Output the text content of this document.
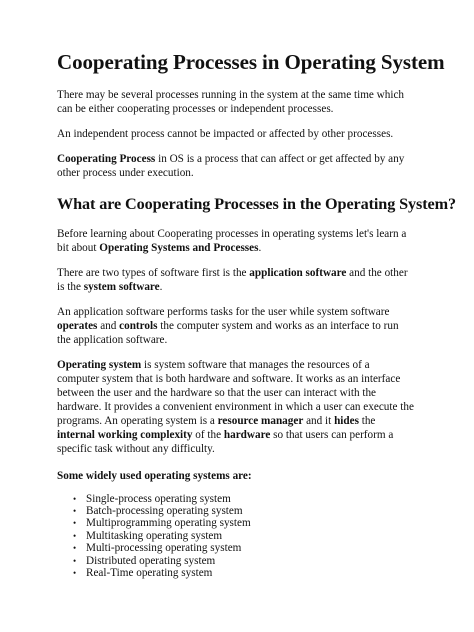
Cooperating Processes in Operating System

There may be several processes running in the system at the same time which can be either cooperating processes or independent processes.

An independent process cannot be impacted or affected by other processes.

Cooperating Process in OS is a process that can affect or get affected by any other process under execution.

What are Cooperating Processes in the Operating System?

Before learning about Cooperating processes in operating systems let's learn a bit about Operating Systems and Processes.

There are two types of software first is the application software and the other is the system software.

An application software performs tasks for the user while system software operates and controls the computer system and works as an interface to run the application software.

Operating system is system software that manages the resources of a computer system that is both hardware and software. It works as an interface between the user and the hardware so that the user can interact with the hardware. It provides a convenient environment in which a user can execute the programs. An operating system is a resource manager and it hides the internal working complexity of the hardware so that users can perform a specific task without any difficulty.

Some widely used operating systems are:

• Single-process operating system
• Batch-processing operating system
• Multiprogramming operating system
• Multitasking operating system
• Multi-processing operating system
• Distributed operating system
• Real-Time operating system
